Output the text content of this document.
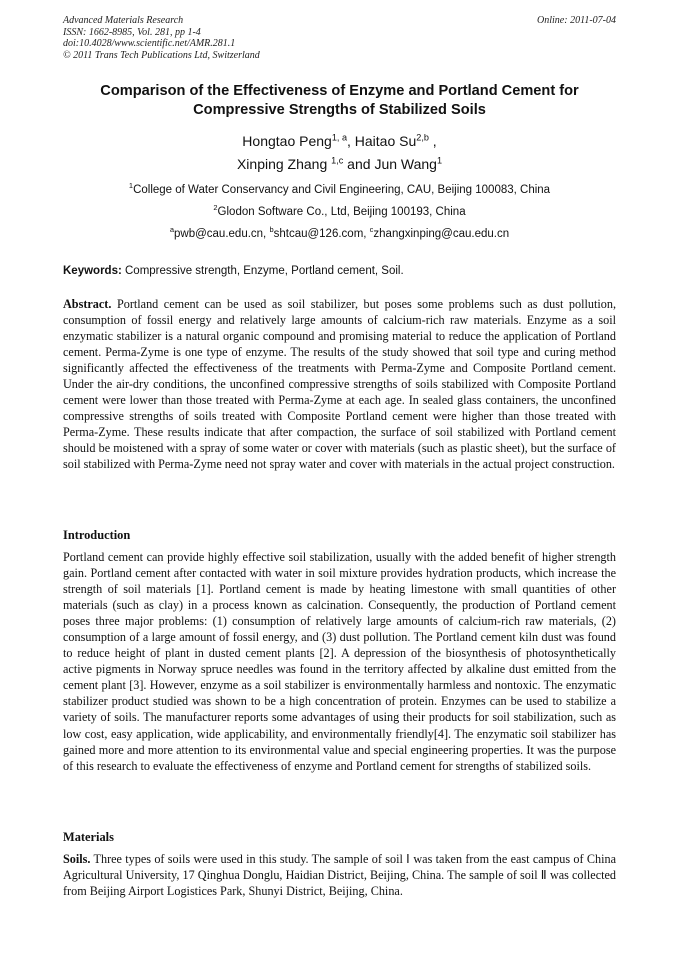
Advanced Materials Research
ISSN: 1662-8985, Vol. 281, pp 1-4
doi:10.4028/www.scientific.net/AMR.281.1
© 2011 Trans Tech Publications Ltd, Switzerland
Online: 2011-07-04
Comparison of the Effectiveness of Enzyme and Portland Cement for
Compressive Strengths of Stabilized Soils
Hongtao Peng$^{1, a}$, Haitao Su$^{2,b}$ ,
Xinping Zhang $^{1,c}$ and Jun Wang$^1$
$^1$College of Water Conservancy and Civil Engineering, CAU, Beijing 100083, China
$^2$Glodon Software Co., Ltd, Beijing 100193, China
$^a$pwb@cau.edu.cn, $^b$shtcau@126.com, $^c$zhangxinping@cau.edu.cn
Keywords: Compressive strength, Enzyme, Portland cement, Soil.
Abstract. Portland cement can be used as soil stabilizer, but poses some problems such as dust pollution, consumption of fossil energy and relatively large amounts of calcium-rich raw materials. Enzyme as a soil enzymatic stabilizer is a natural organic compound and promising material to reduce the application of Portland cement. Perma-Zyme is one type of enzyme. The results of the study showed that soil type and curing method significantly affected the effectiveness of the treatments with Perma-Zyme and Composite Portland cement. Under the air-dry conditions, the unconfined compressive strengths of soils stabilized with Composite Portland cement were lower than those treated with Perma-Zyme at each age. In sealed glass containers, the unconfined compressive strengths of soils treated with Composite Portland cement were higher than those treated with Perma-Zyme. These results indicate that after compaction, the surface of soil stabilized with Portland cement should be moistened with a spray of some water or cover with materials (such as plastic sheet), but the surface of soil stabilized with Perma-Zyme need not spray water and cover with materials in the actual project construction.
Introduction
Portland cement can provide highly effective soil stabilization, usually with the added benefit of higher strength gain. Portland cement after contacted with water in soil mixture provides hydration products, which increase the strength of soil materials [1]. Portland cement is made by heating limestone with small quantities of other materials (such as clay) in a process known as calcination. Consequently, the production of Portland cement poses three major problems: (1) consumption of relatively large amounts of calcium-rich raw materials, (2) consumption of a large amount of fossil energy, and (3) dust pollution. The Portland cement kiln dust was found to reduce height of plant in dusted cement plants [2]. A depression of the biosynthesis of photosynthetically active pigments in Norway spruce needles was found in the territory affected by alkaline dust emitted from the cement plant [3]. However, enzyme as a soil stabilizer is environmentally harmless and nontoxic. The enzymatic stabilizer product studied was shown to be a high concentration of protein. Enzymes can be used to stabilize a variety of soils. The manufacturer reports some advantages of using their products for soil stabilization, such as low cost, easy application, wide applicability, and environmentally friendly[4]. The enzymatic soil stabilizer has gained more and more attention to its environmental value and special engineering properties. It was the purpose of this research to evaluate the effectiveness of enzyme and Portland cement for strengths of stabilized soils.
Materials
Soils. Three types of soils were used in this study. The sample of soil Ⅰ was taken from the east campus of China Agricultural University, 17 Qinghua Donglu, Haidian District, Beijing, China. The sample of soil Ⅱ was collected from Beijing Airport Logistices Park, Shunyi District, Beijing, China.
